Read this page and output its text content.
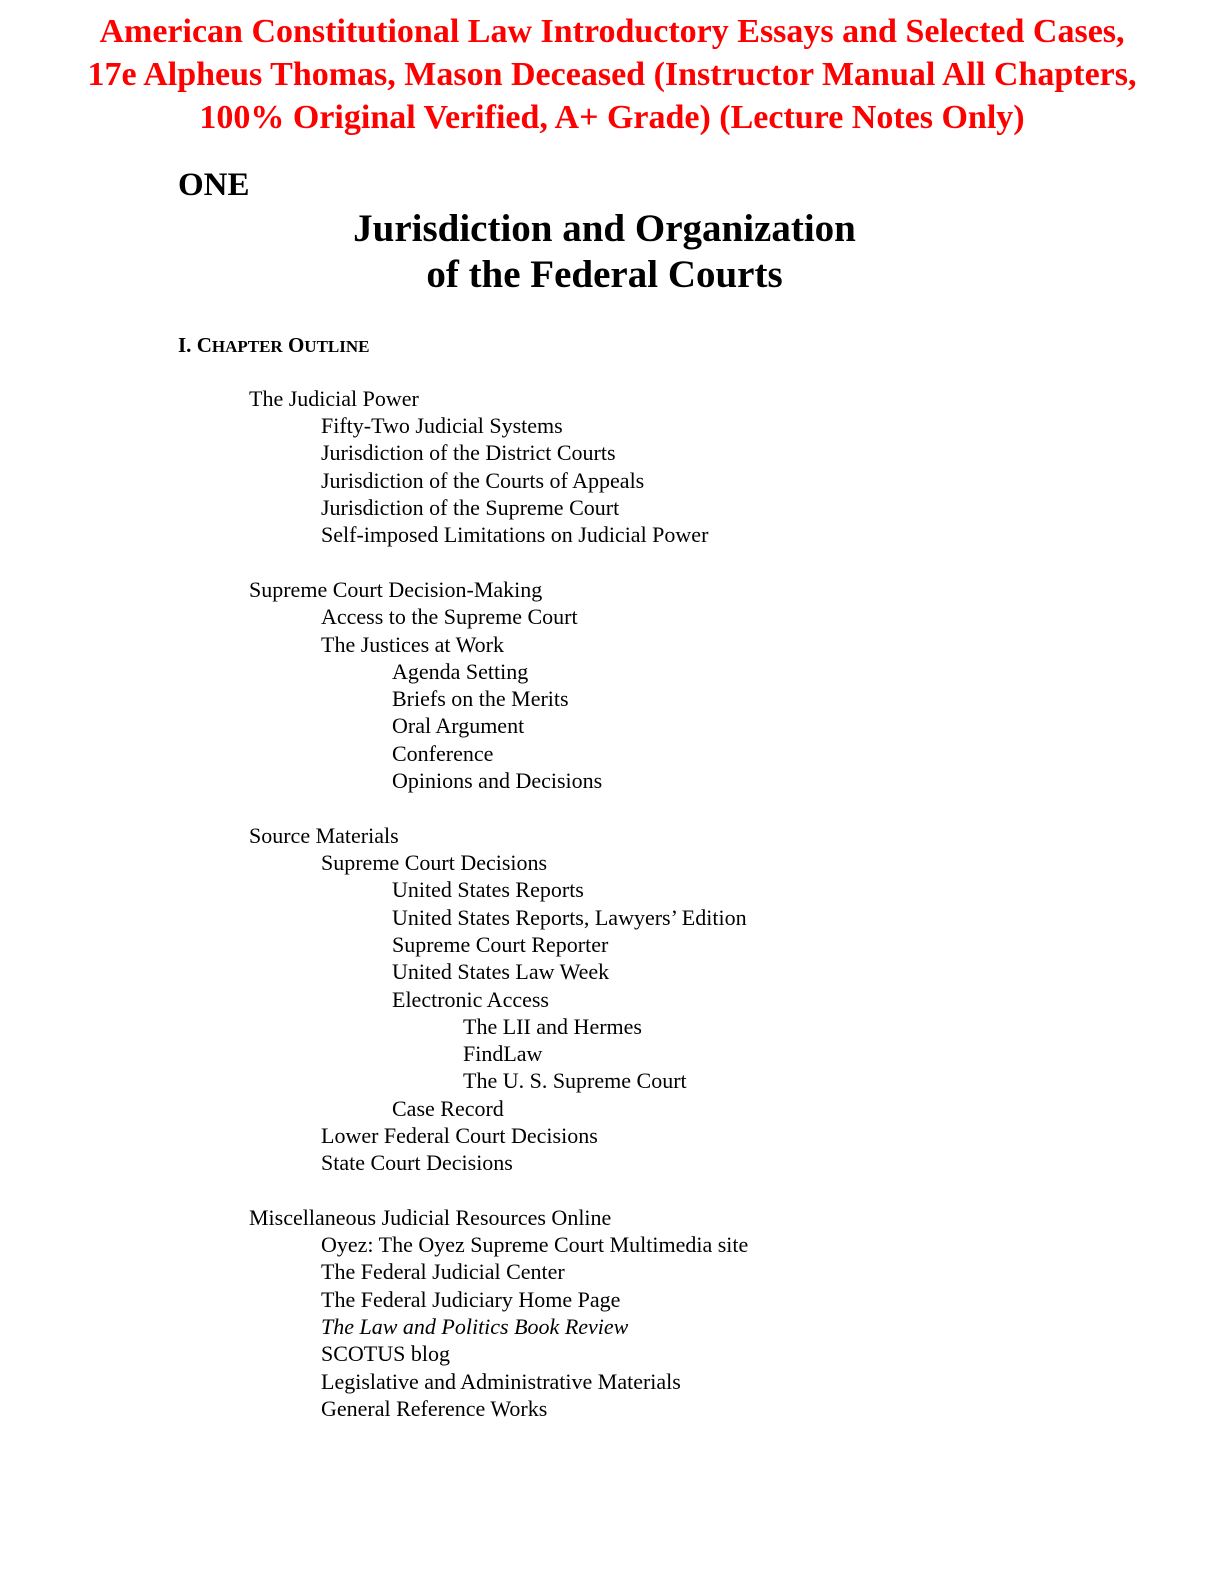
American Constitutional Law Introductory Essays and Selected Cases,
17e Alpheus Thomas, Mason Deceased (Instructor Manual All Chapters,
100% Original Verified, A+ Grade) (Lecture Notes Only)
ONE
Jurisdiction and Organization
of the Federal Courts
I. CHAPTER OUTLINE
The Judicial Power
Fifty-Two Judicial Systems
Jurisdiction of the District Courts
Jurisdiction of the Courts of Appeals
Jurisdiction of the Supreme Court
Self-imposed Limitations on Judicial Power
Supreme Court Decision-Making
Access to the Supreme Court
The Justices at Work
Agenda Setting
Briefs on the Merits
Oral Argument
Conference
Opinions and Decisions
Source Materials
Supreme Court Decisions
United States Reports
United States Reports, Lawyers’ Edition
Supreme Court Reporter
United States Law Week
Electronic Access
The LII and Hermes
FindLaw
The U. S. Supreme Court
Case Record
Lower Federal Court Decisions
State Court Decisions
Miscellaneous Judicial Resources Online
Oyez: The Oyez Supreme Court Multimedia site
The Federal Judicial Center
The Federal Judiciary Home Page
The Law and Politics Book Review
SCOTUS blog
Legislative and Administrative Materials
General Reference Works
